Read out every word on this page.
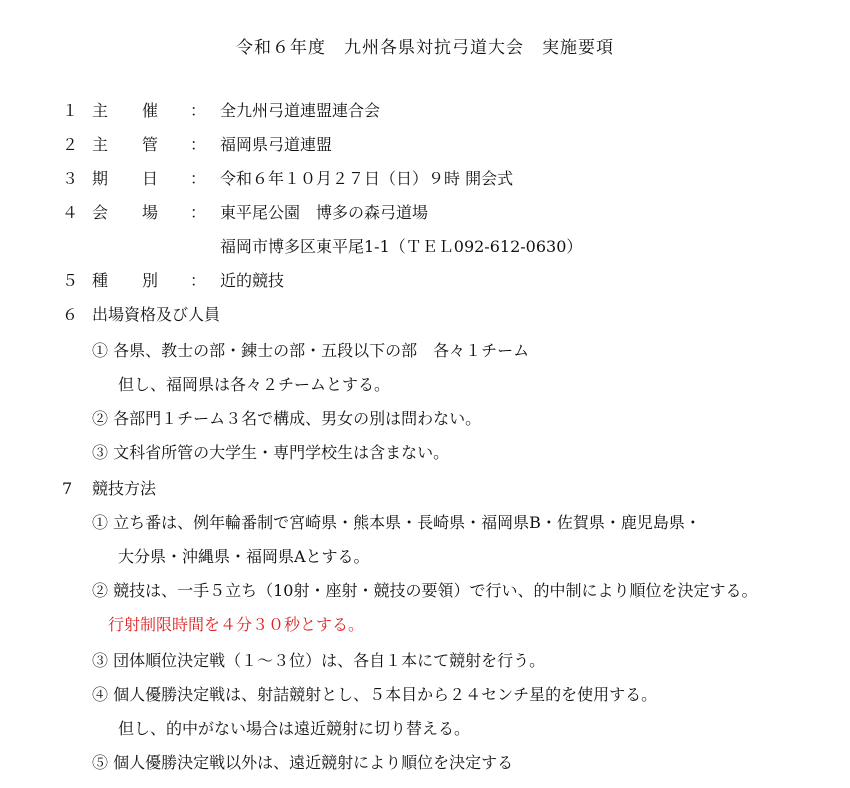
令和６年度　九州各県対抗弓道大会　実施要項
１ 主 催 ： 全九州弓道連盟連合会
２ 主 管 ： 福岡県弓道連盟
３ 期 日 ： 令和６年１０月２７日（日）９時 開会式
４ 会 場 ： 東平尾公園　博多の森弓道場
福岡市博多区東平尾1-1（ＴＥＬ092-612-0630）
５ 種 別 ： 近的競技
６ 出場資格及び人員
① 各県、教士の部・錬士の部・五段以下の部　各々１チーム
但し、福岡県は各々２チームとする。
② 各部門１チーム３名で構成、男女の別は問わない。
③ 文科省所管の大学生・専門学校生は含まない。
7 競技方法
① 立ち番は、例年輪番制で宮崎県・熊本県・長崎県・福岡県B・佐賀県・鹿児島県・
大分県・沖縄県・福岡県Aとする。
② 競技は、一手５立ち（10射・座射・競技の要領）で行い、的中制により順位を決定する。
行射制限時間を４分３０秒とする。
③ 団体順位決定戦（１～３位）は、各自１本にて競射を行う。
④ 個人優勝決定戦は、射詰競射とし、５本目から２４センチ星的を使用する。
但し、的中がない場合は遠近競射に切り替える。
⑤ 個人優勝決定戦以外は、遠近競射により順位を決定する
